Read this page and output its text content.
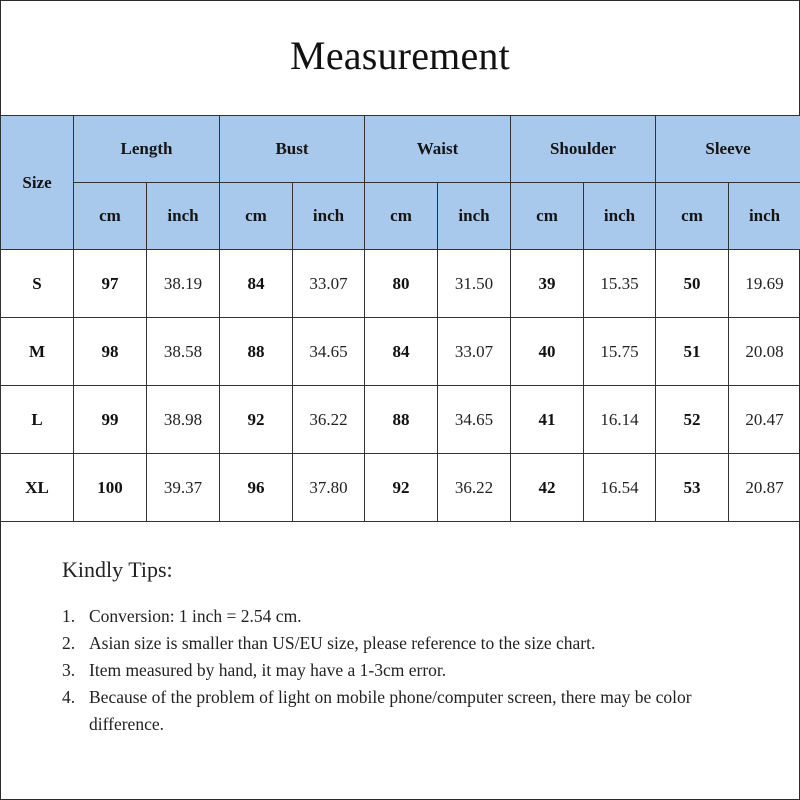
Measurement
Size	Length		Bust		Waist		Shoulder		Sleeve	
	cm	inch	cm	inch	cm	inch	cm	inch	cm	inch
S	97	38.19	84	33.07	80	31.50	39	15.35	50	19.69
M	98	38.58	88	34.65	84	33.07	40	15.75	51	20.08
L	99	38.98	92	36.22	88	34.65	41	16.14	52	20.47
XL	100	39.37	96	37.80	92	36.22	42	16.54	53	20.87

Kindly Tips:

1. Conversion: 1 inch = 2.54 cm.
2. Asian size is smaller than US/EU size, please reference to the size chart.
3. Item measured by hand, it may have a 1-3cm error.
4. Because of the problem of light on mobile phone/computer screen, there may be color difference.
